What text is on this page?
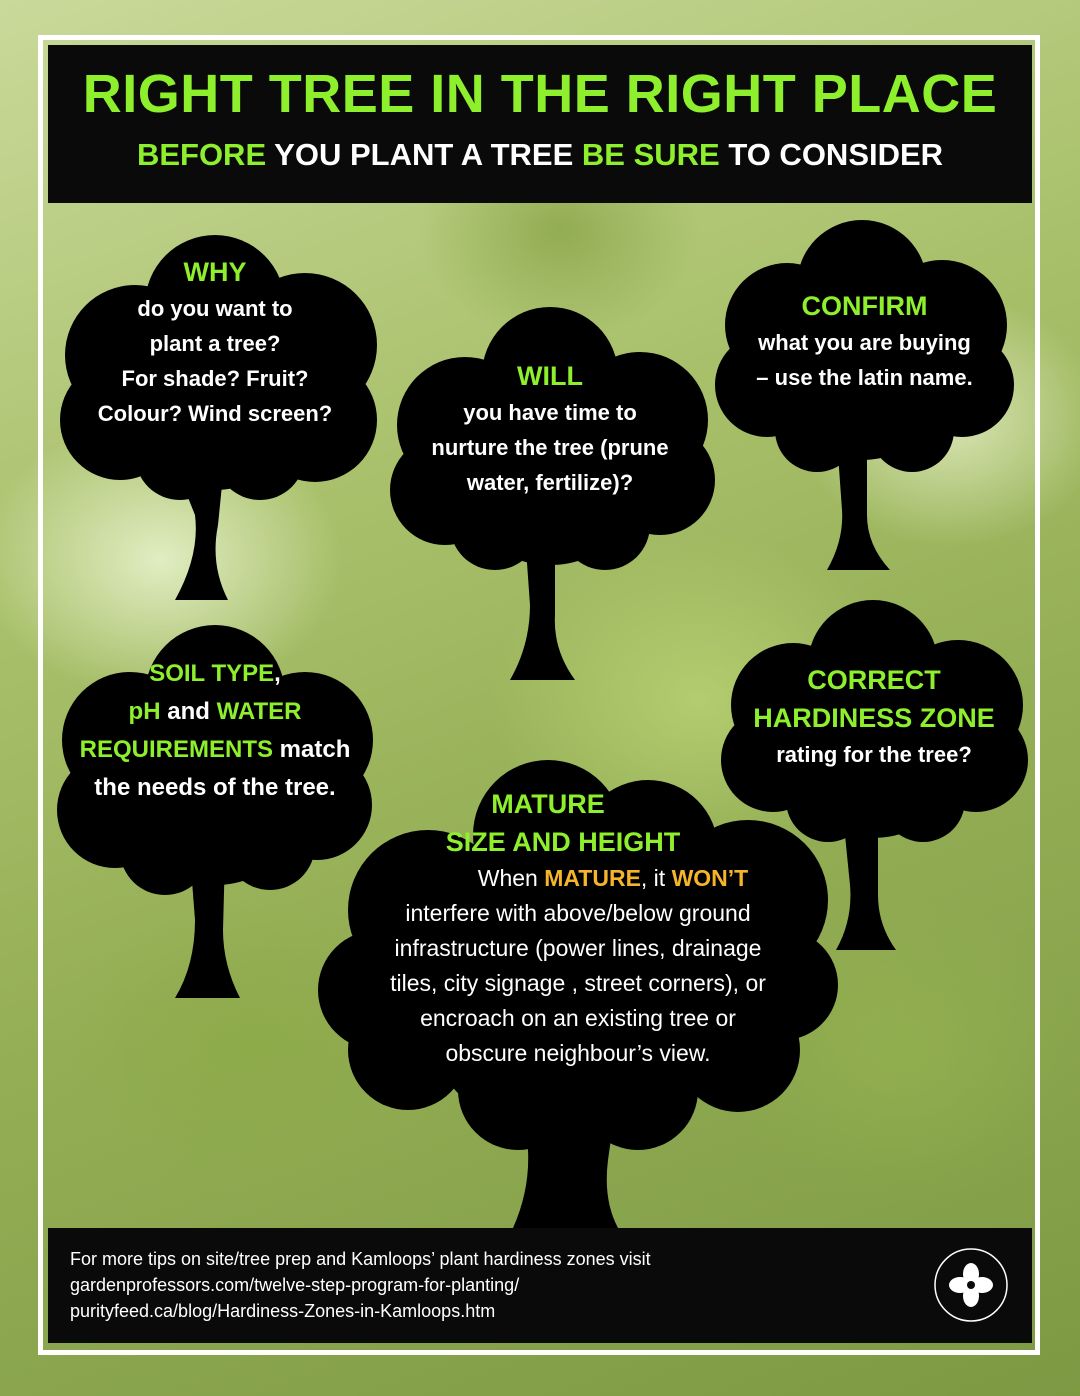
RIGHT TREE IN THE RIGHT PLACE
BEFORE YOU PLANT A TREE BE SURE TO CONSIDER
WHY
do you want to
plant a tree?
For shade? Fruit?
Colour? Wind screen?
WILL
you have time to
nurture the tree (prune
water, fertilize)?
CONFIRM
what you are buying
– use the latin name.
SOIL TYPE,
pH and WATER
REQUIREMENTS match
the needs of the tree.
CORRECT
HARDINESS ZONE
rating for the tree?
MATURE
SIZE AND HEIGHT
When MATURE, it WON’T
interfere with above/below ground
infrastructure (power lines, drainage
tiles, city signage , street corners), or
encroach on an existing tree or
obscure neighbour’s view.
For more tips on site/tree prep and Kamloops’ plant hardiness zones visit
gardenprofessors.com/twelve-step-program-for-planting/
purityfeed.ca/blog/Hardiness-Zones-in-Kamloops.htm
